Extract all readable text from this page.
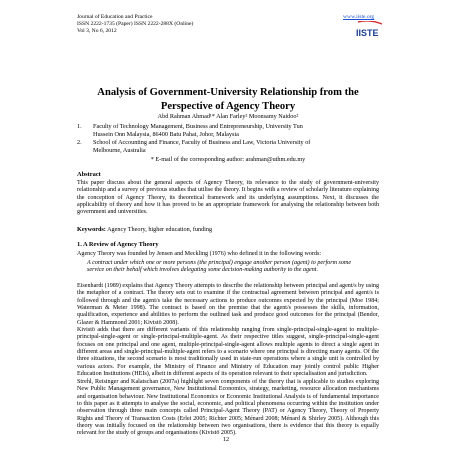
Journal of Education and Practice
ISSN 2222-1735 (Paper) ISSN 2222-288X (Online)
Vol 3, No 6, 2012
www.iiste.org
IISTE
Analysis of Government-University Relationship from the
Perspective of Agency Theory
Abd Rahman Ahmad¹* Alan Farley² Moonsamy Naidoo²
1. Faculty of Technology Management, Business and Entrepreneurship, University Tun Hussein Onn Malaysia, 86400 Batu Pahat, Johor, Malaysia
2. School of Accounting and Finance, Faculty of Business and Law, Victoria University of Melbourne, Australia
* E-mail of the corresponding author: arahman@uthm.edu.my
Abstract
This paper discuss about the general aspects of Agency Theory, its relevance to the study of government-university relationship and a survey of previous studies that utilise the theory. It begins with a review of scholarly literature explaining the conception of Agency Theory, its theoretical framework and its underlying assumptions. Next, it discusses the applicability of theory and how it has proved to be an appropriate framework for analysing the relationship between both government and universities.
Keywords: Agency Theory, higher education, funding
1. A Review of Agency Theory
Agency Theory was founded by Jensen and Meckling (1976) who defined it in the following words:
A contract under which one or more persons (the principal) engage another person (agent) to perform some service on their behalf which involves delegating some decision-making authority to the agent.
Eisenhardt (1989) explains that Agency Theory attempts to describe the relationship between principal and agent/s by using the metaphor of a contract. The theory sets out to examine if the contractual agreement between principal and agent/s is followed through and the agent/s take the necessary actions to produce outcomes expected by the principal (Moe 1984; Waterman & Meier 1998). The contract is based on the premise that the agent/s possesses the skills, information, qualification, experience and abilities to perform the outlined task and produce good outcomes for the principal (Bendor, Glazer & Hammond 2001; Kivistö 2008).
Kivistö adds that there are different variants of this relationship ranging from single-principal-single-agent to multiple-principal-single-agent or single-principal-multiple-agent. As their respective titles suggest, single-principal-single-agent focuses on one principal and one agent, multiple-principal-single-agent allows multiple agents to direct a single agent in different areas and single-principal-multiple-agent refers to a scenario where one principal is directing many agents. Of the three situations, the second scenario is most traditionally used in state-run operations where a single unit is controlled by various actors. For example, the Ministry of Finance and Ministry of Education may jointly control public Higher Education Institutions (HEIs), albeit in different aspects of its operation relevant to their specialisation and jurisdiction.
Strehl, Reisinger and Kalatschan (2007a) highlight seven components of the theory that is applicable to studies exploring New Public Management governance, New Institutional Economics, strategy, marketing, resource allocation mechanisms and organisation behaviour. New Institutional Economics or Economic Institutional Analysis is of fundamental importance to this paper as it attempts to analyse the social, economic, and political phenomena occurring within the institution under observation through three main concepts called Principal-Agent Theory (PAT) or Agency Theory, Theory of Property Rights and Theory of Transaction Costs (Erlei 2005; Richter 2005; Ménard 2008; Ménard & Shirley 2005). Although this theory was initially focused on the relationship between two organisations, there is evidence that this theory is equally relevant for the study of groups and organisations (Kivistö 2005).
12
